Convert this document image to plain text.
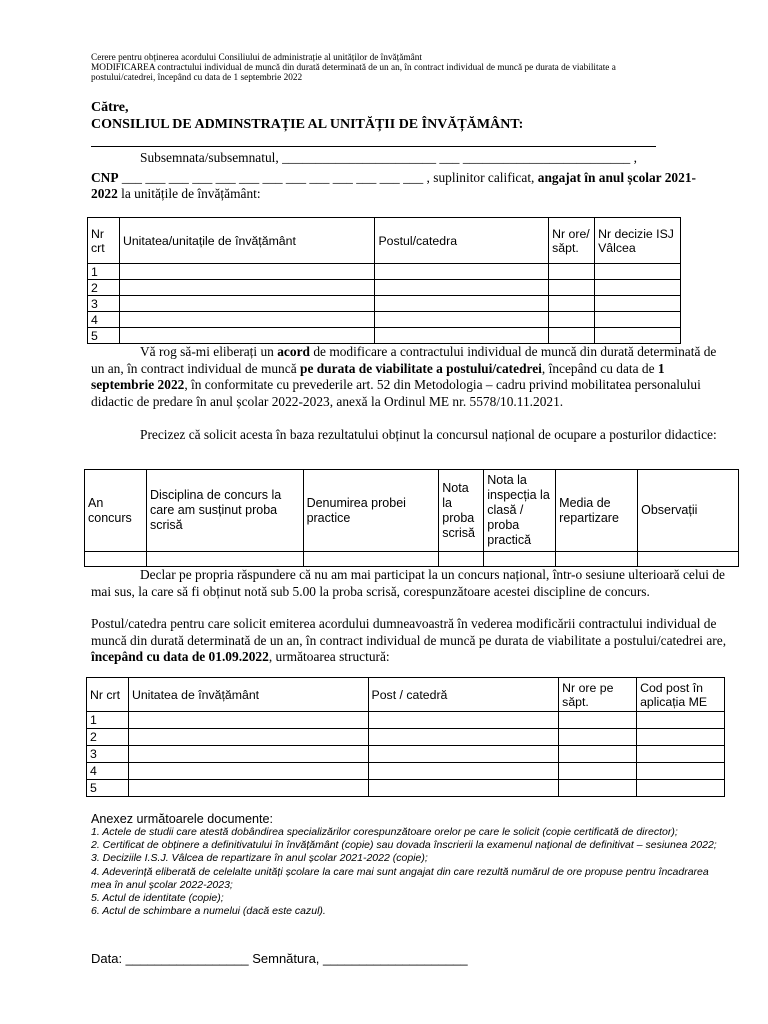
Cerere pentru obținerea acordului Consiliului de administrație al unităților de învățământ
MODIFICAREA contractului individual de muncă din durată determinată de un an, în contract individual de muncă pe durata de viabilitate a
postului/catedrei, începând cu data de 1 septembrie 2022
Către,
CONSILIUL DE ADMINSTRAȚIE AL UNITĂȚII DE ÎNVĂȚĂMÂNT:
Subsemnata/subsemnatul, _______________________ ___ _________________________ ,
CNP ___ ___ ___ ___ ___ ___ ___ ___ ___ ___ ___ ___ ___ , suplinitor calificat, angajat în anul școlar 2021-
2022 la unitățile de învățământ:
Nr crt	Unitatea/unitațile de învățământ	Postul/catedra	Nr ore/ săpt.	Nr decizie ISJ Vâlcea
1				
2				
3				
4				
5				
Vă rog să-mi eliberați un acord de modificare a contractului individual de muncă din durată determinată de un an, în contract individual de muncă pe durata de viabilitate a postului/catedrei, începând cu data de 1 septembrie 2022, în conformitate cu prevederile art. 52 din Metodologia – cadru privind mobilitatea personalului didactic de predare în anul școlar 2022-2023, anexă la Ordinul ME nr. 5578/10.11.2021.
Precizez că solicit acesta în baza rezultatului obținut la concursul național de ocupare a posturilor didactice:
An concurs	Disciplina de concurs la care am susținut proba scrisă	Denumirea probei practice	Nota la proba scrisă	Nota la inspecția la clasă / proba practică	Media de repartizare	Observații

Declar pe propria răspundere că nu am mai participat la un concurs național, într-o sesiune ulterioară celui de mai sus, la care să fi obținut notă sub 5.00 la proba scrisă, corespunzătoare acestei discipline de concurs.
Postul/catedra pentru care solicit emiterea acordului dumneavoastră în vederea modificării contractului individual de muncă din durată determinată de un an, în contract individual de muncă pe durata de viabilitate a postului/catedrei are, începând cu data de 01.09.2022, următoarea structură:
Nr crt	Unitatea de învățământ	Post / catedră	Nr ore pe săpt.	Cod post în aplicația ME
1				
2				
3				
4				
5				
Anexez următoarele documente:
1. Actele de studii care atestă dobândirea specializărilor corespunzătoare orelor pe care le solicit (copie certificată de director);
2. Certificat de obținere a definitivatului în învățământ (copie) sau dovada înscrierii la examenul național de definitivat – sesiunea 2022;
3. Deciziile I.S.J. Vâlcea de repartizare în anul școlar 2021-2022 (copie);
4. Adeverință eliberată de celelalte unități școlare la care mai sunt angajat din care rezultă numărul de ore propuse pentru încadrarea mea în anul școlar 2022-2023;
5. Actul de identitate (copie);
6. Actul de schimbare a numelui (dacă este cazul).
Data: _________________ Semnătura, ____________________
